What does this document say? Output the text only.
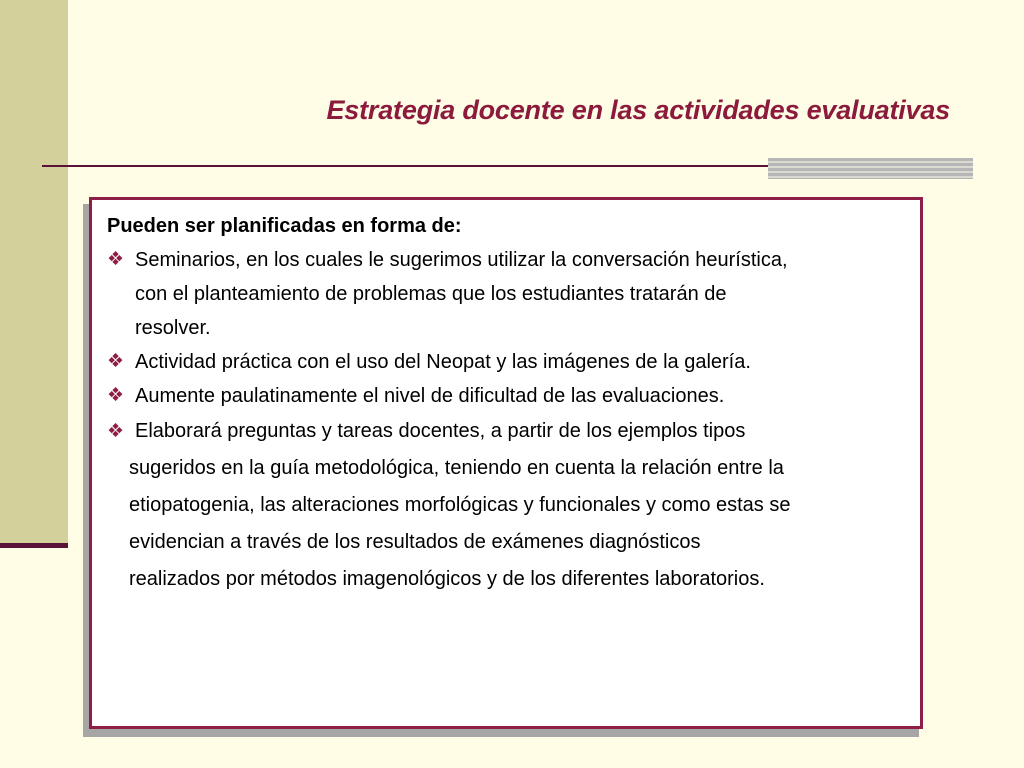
Estrategia docente en las actividades evaluativas
Pueden ser planificadas en forma de:
❖ Seminarios, en los cuales le sugerimos utilizar la conversación heurística,
con el planteamiento de problemas que los estudiantes tratarán de
resolver.
❖ Actividad práctica con el uso del Neopat y las imágenes de la galería.
❖ Aumente paulatinamente el nivel de dificultad de las evaluaciones.
❖ Elaborará preguntas y tareas docentes, a partir de los ejemplos tipos
sugeridos en la guía metodológica, teniendo en cuenta la relación entre la
etiopatogenia, las alteraciones morfológicas y funcionales y como estas se
evidencian a través de los resultados de exámenes diagnósticos
realizados por métodos imagenológicos y de los diferentes laboratorios.
